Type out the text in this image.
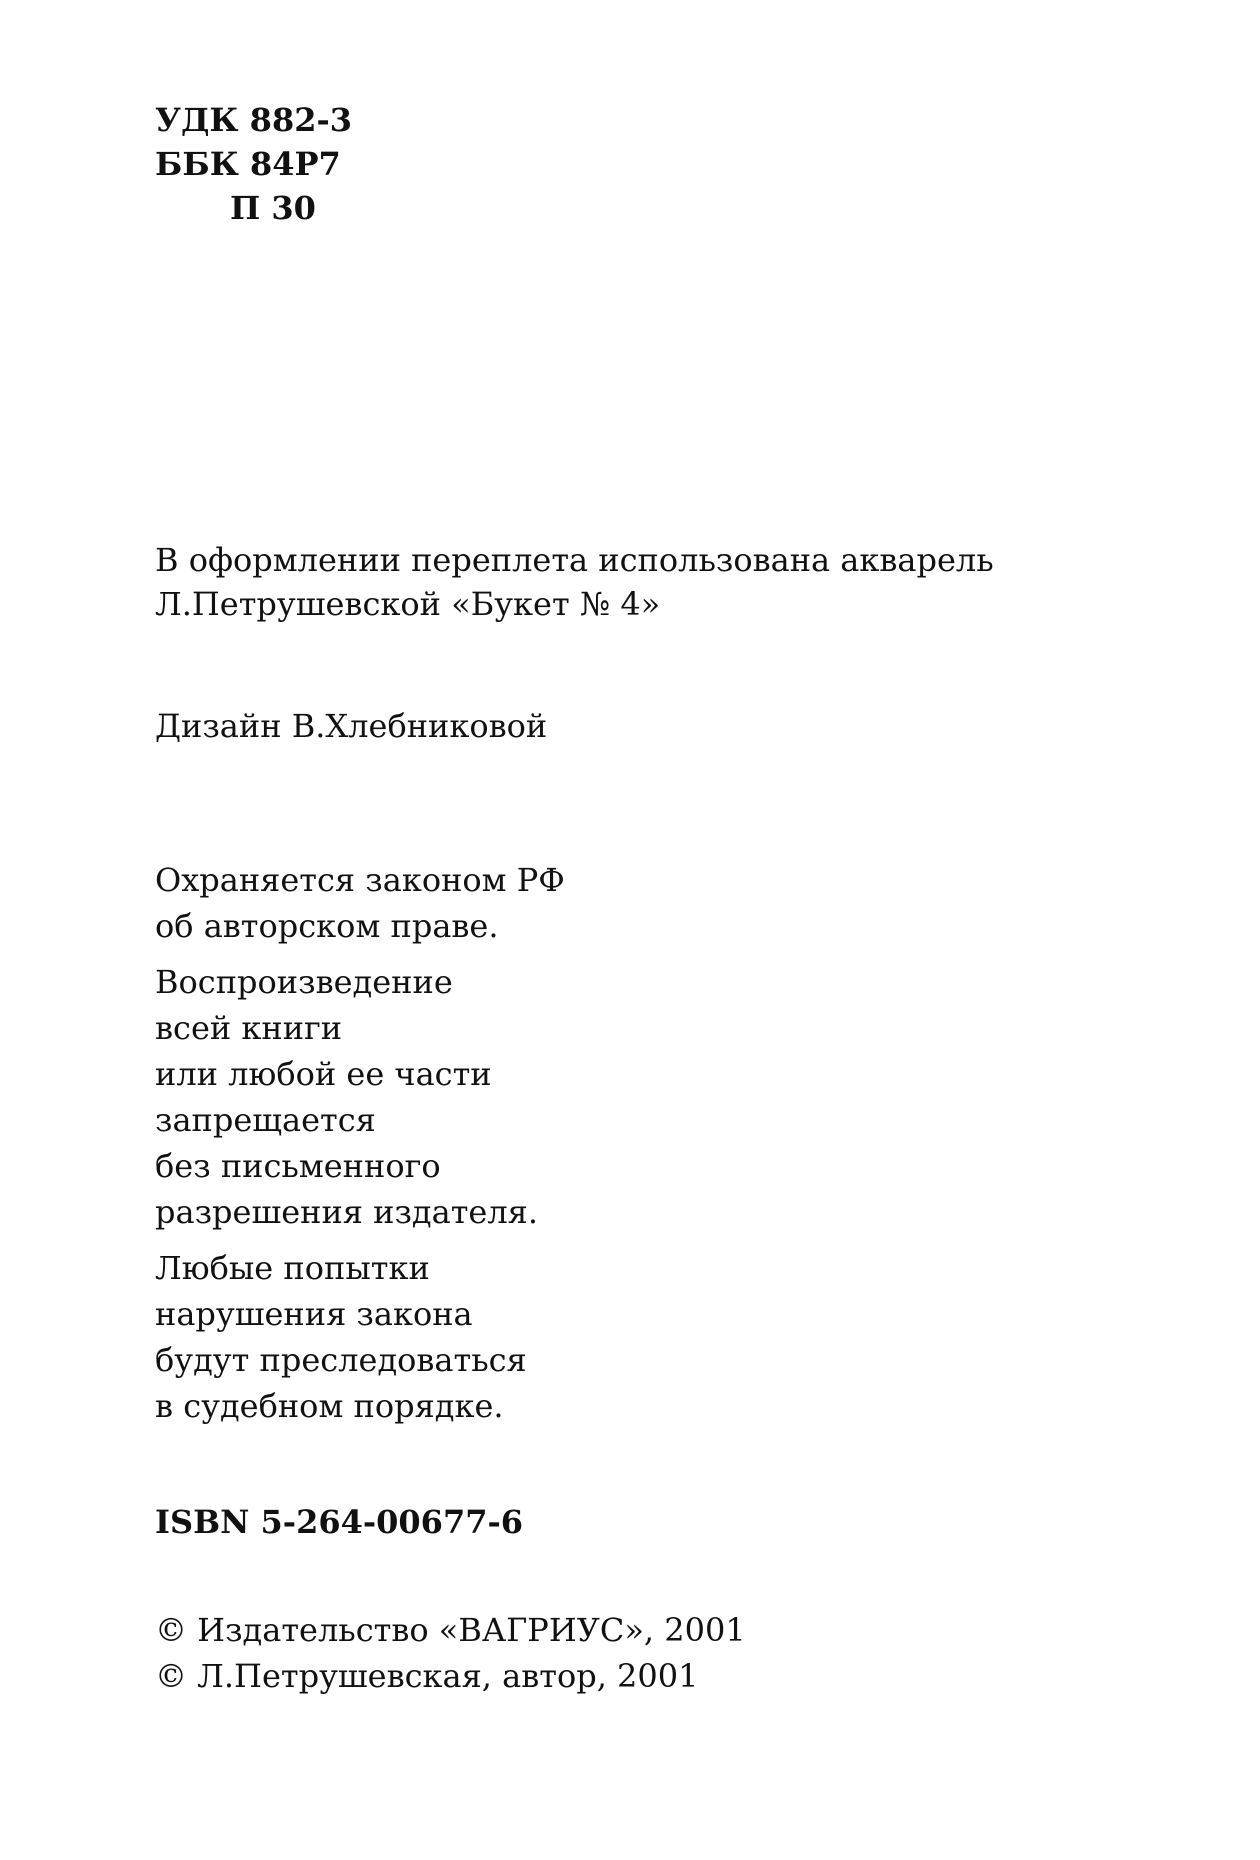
УДК 882-3
ББК 84Р7
П 30
В оформлении переплета использована акварель
Л.Петрушевской «Букет № 4»
Дизайн В.Хлебниковой
Охраняется законом РФ
об авторском праве.
Воспроизведение
всей книги
или любой ее части
запрещается
без письменного
разрешения издателя.
Любые попытки
нарушения закона
будут преследоваться
в судебном порядке.
ISBN 5-264-00677-6
© Издательство «ВАГРИУС», 2001
© Л.Петрушевская, автор, 2001
